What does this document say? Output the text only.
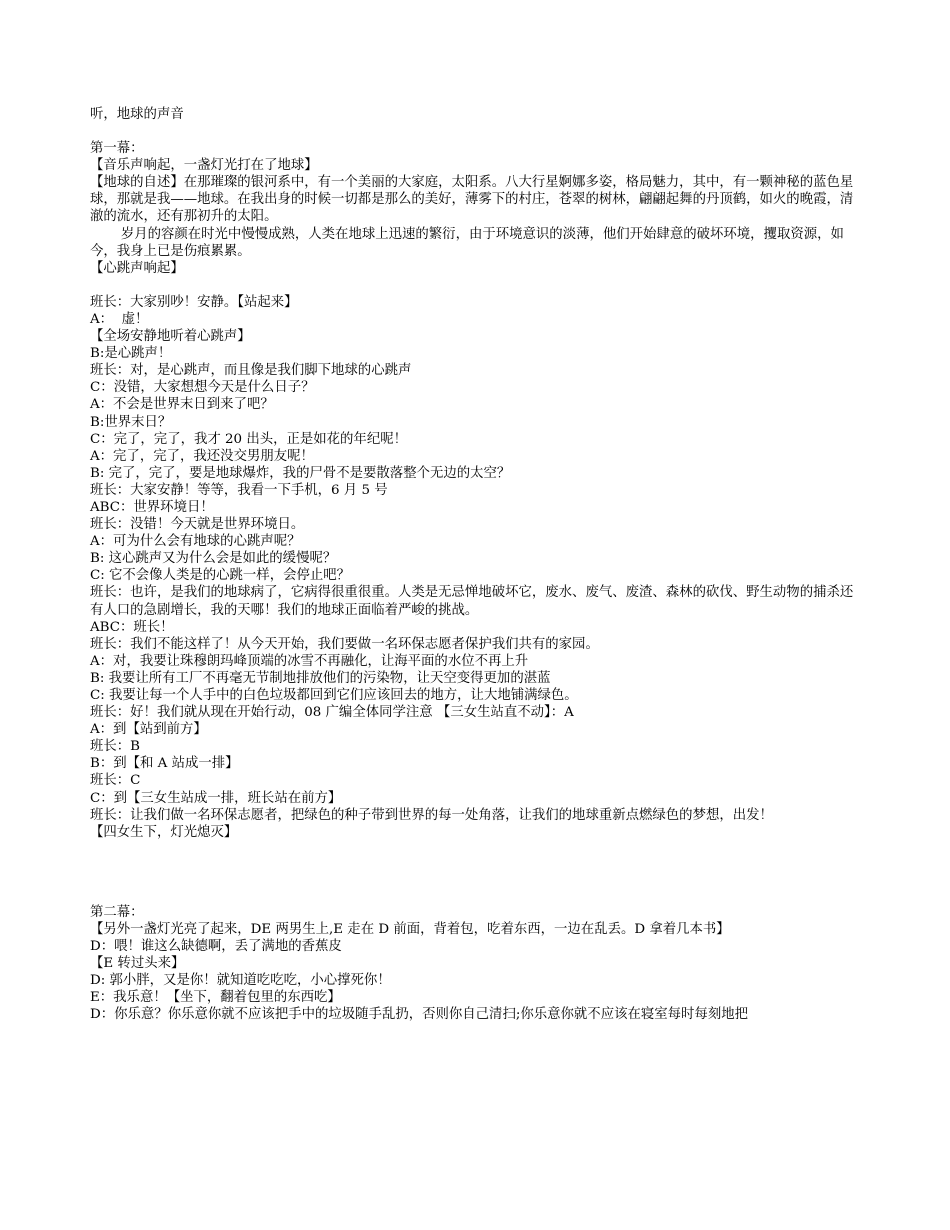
听，地球的声音

第一幕：

【音乐声响起，一盏灯光打在了地球】

【地球的自述】在那璀璨的银河系中，有一个美丽的大家庭，太阳系。八大行星婀娜多姿，格局魅力，其中，有一颗神秘的蓝色星球，那就是我——地球。在我出身的时候一切都是那么的美好，薄雾下的村庄，苍翠的树林，翩翩起舞的丹顶鹤，如火的晚霞，清澈的流水，还有那初升的太阳。

岁月的容颜在时光中慢慢成熟，人类在地球上迅速的繁衍，由于环境意识的淡薄，他们开始肆意的破坏环境，攫取资源，如今，我身上已是伤痕累累。

【心跳声响起】

班长：大家别吵！安静。【站起来】

A：  虚！

【全场安静地听着心跳声】

B:是心跳声！

班长：对，是心跳声，而且像是我们脚下地球的心跳声

C：没错，大家想想今天是什么日子？

A：不会是世界末日到来了吧？

B:世界末日？

C：完了，完了，我才 20 出头，正是如花的年纪呢！

A：完了，完了，我还没交男朋友呢！

B: 完了，完了，要是地球爆炸，我的尸骨不是要散落整个无边的太空？

班长：大家安静！等等，我看一下手机，6 月 5 号

ABC：世界环境日！

班长：没错！今天就是世界环境日。

A：可为什么会有地球的心跳声呢？

B: 这心跳声又为什么会是如此的缓慢呢？

C: 它不会像人类是的心跳一样，会停止吧？

班长：也许，是我们的地球病了，它病得很重很重。人类是无忌惮地破坏它，废水、废气、废渣、森林的砍伐、野生动物的捕杀还有人口的急剧增长，我的天哪！我们的地球正面临着严峻的挑战。

ABC：班长！

班长：我们不能这样了！从今天开始，我们要做一名环保志愿者保护我们共有的家园。

A：对，我要让珠穆朗玛峰顶端的冰雪不再融化，让海平面的水位不再上升

B: 我要让所有工厂不再毫无节制地排放他们的污染物，让天空变得更加的湛蓝

C: 我要让每一个人手中的白色垃圾都回到它们应该回去的地方，让大地铺满绿色。

班长：好！我们就从现在开始行动，08 广编全体同学注意 【三女生站直不动】：A

A：到【站到前方】

班长：B

B：到【和 A 站成一排】

班长：C

C：到【三女生站成一排，班长站在前方】

班长：让我们做一名环保志愿者，把绿色的种子带到世界的每一处角落，让我们的地球重新点燃绿色的梦想，出发！

【四女生下，灯光熄灭】

第二幕：

【另外一盏灯光亮了起来，DE 两男生上,E 走在 D 前面，背着包，吃着东西，一边在乱丢。D 拿着几本书】

D：喂！谁这么缺德啊，丢了满地的香蕉皮

【E 转过头来】

D: 郭小胖，又是你！就知道吃吃吃，小心撑死你！

E：我乐意！【坐下，翻着包里的东西吃】

D：你乐意？你乐意你就不应该把手中的垃圾随手乱扔，否则你自己清扫;你乐意你就不应该在寝室每时每刻地把
